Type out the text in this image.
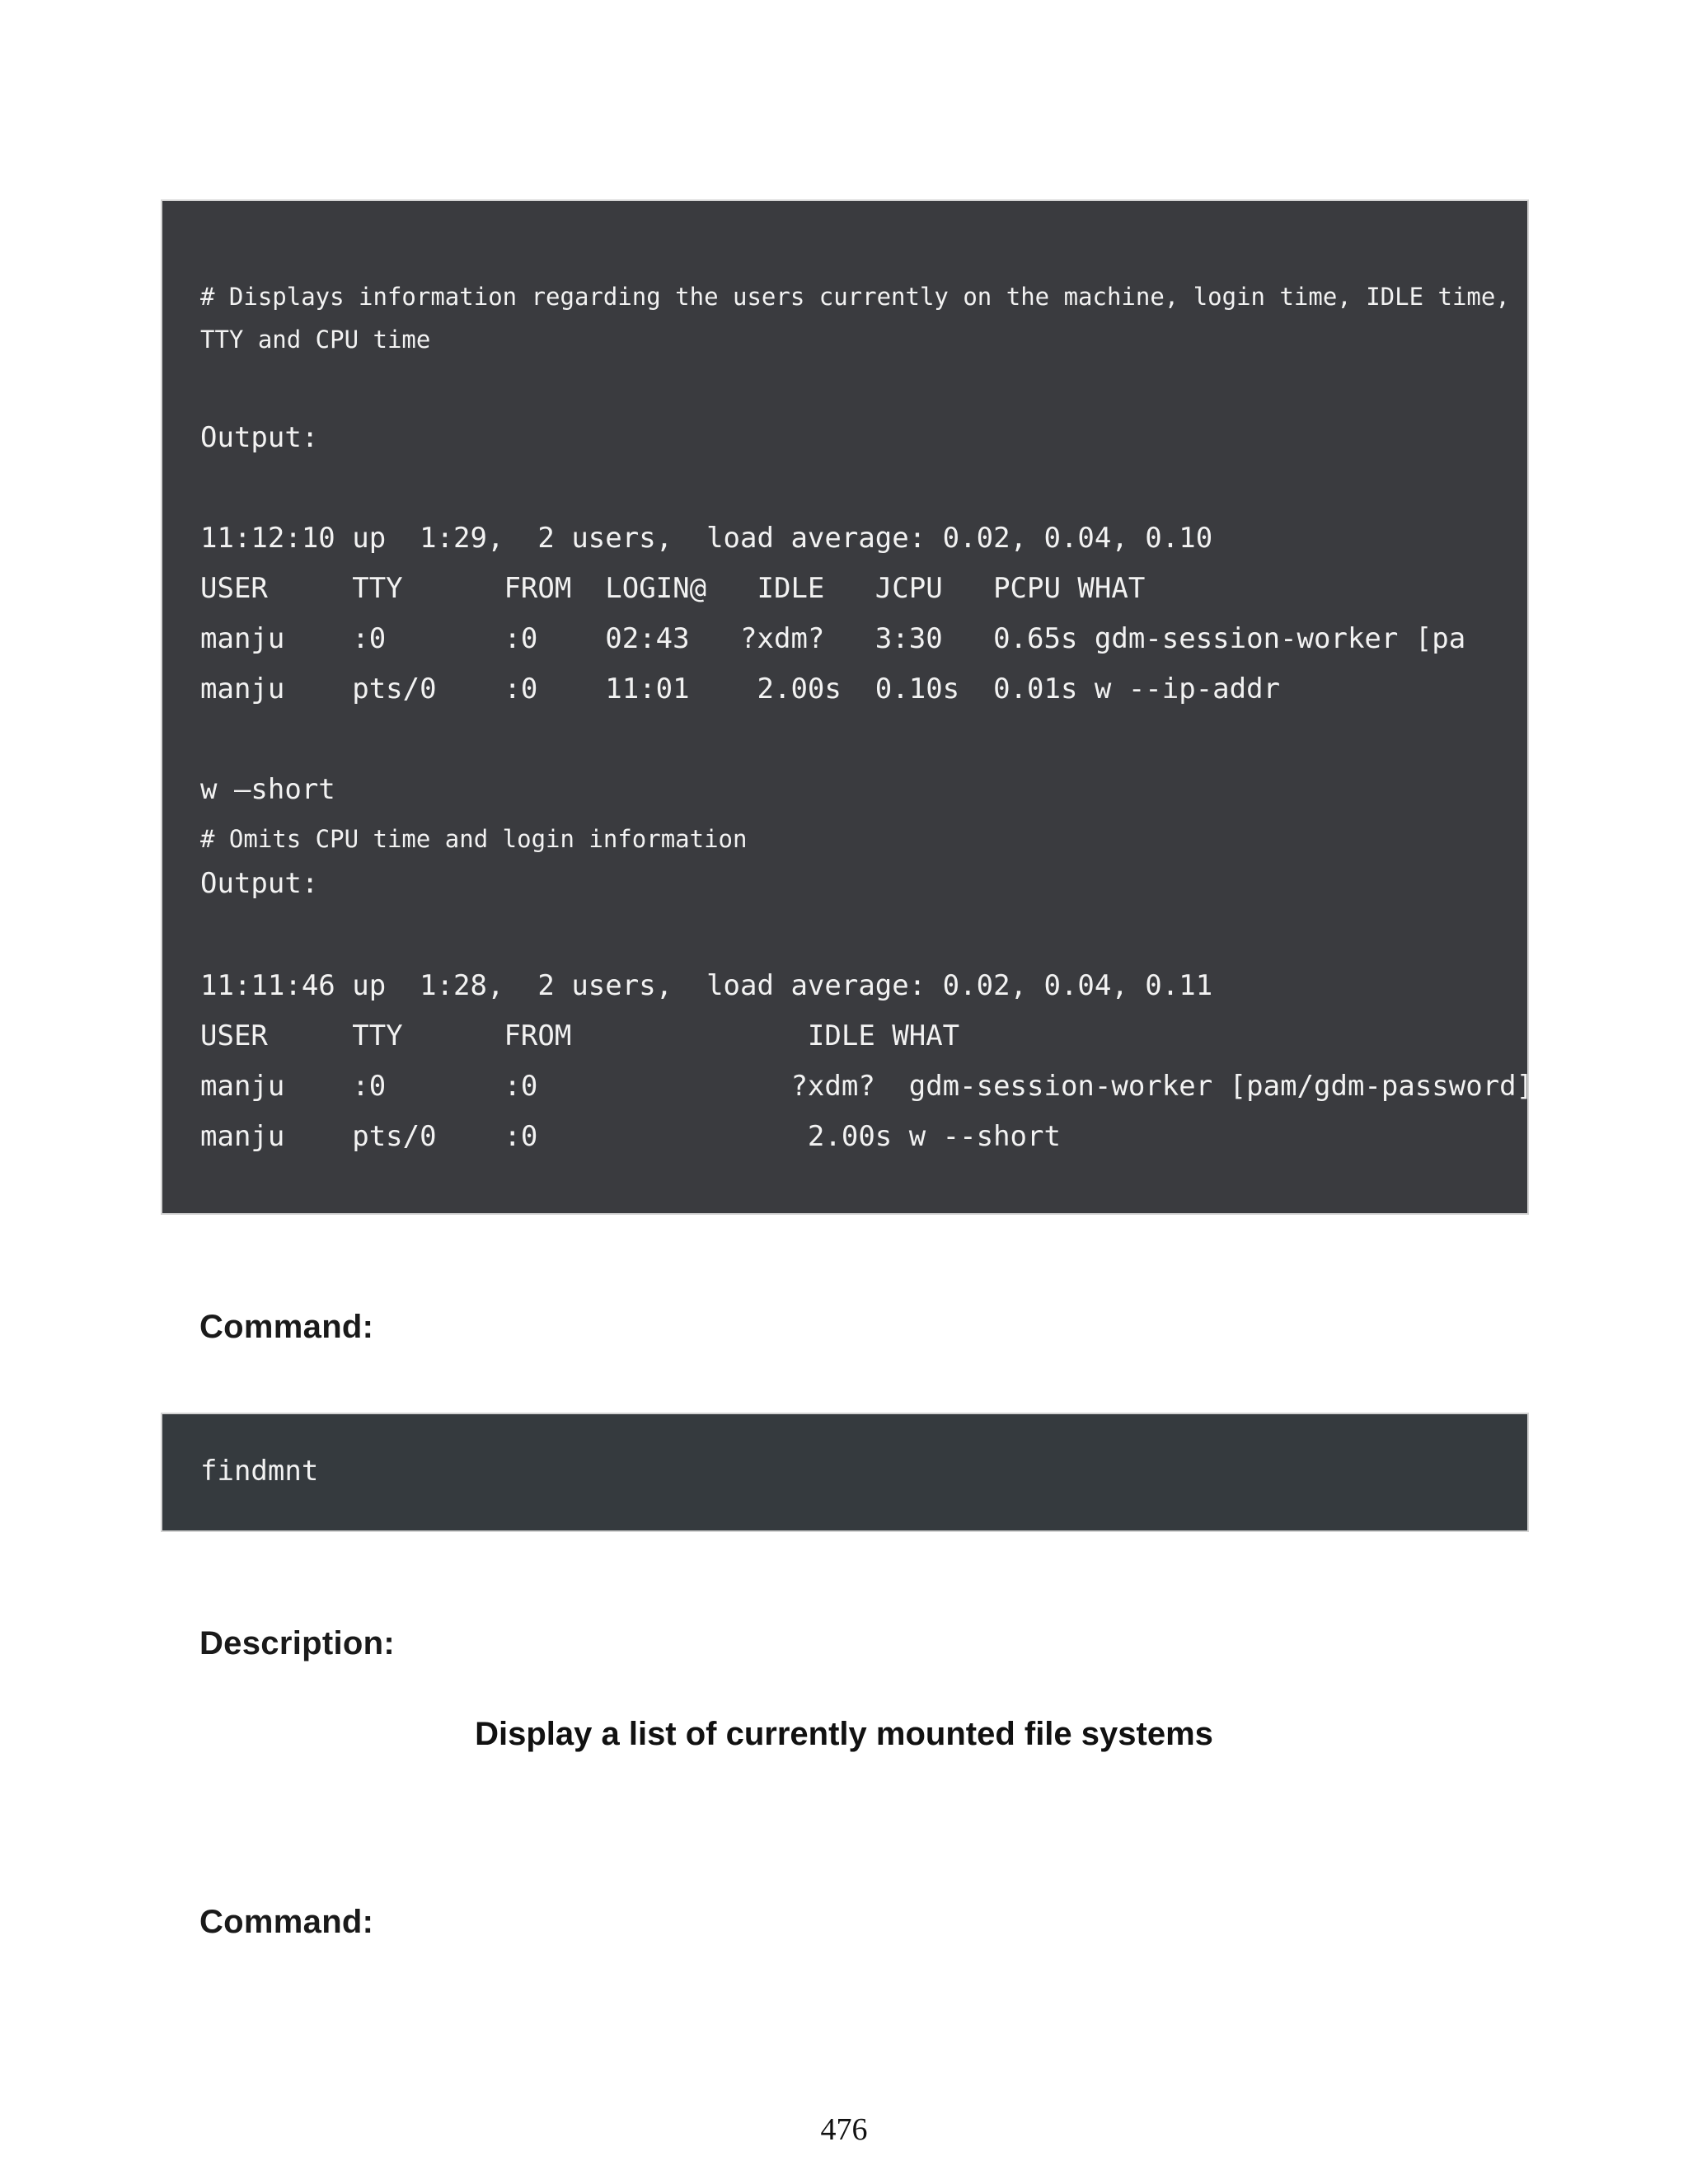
# Displays information regarding the users currently on the machine, login time, IDLE time,
TTY and CPU time
Output:
11:12:10 up  1:29,  2 users,  load average: 0.02, 0.04, 0.10
USER     TTY      FROM  LOGIN@   IDLE   JCPU   PCPU WHAT
manju    :0       :0    02:43   ?xdm?   3:30   0.65s gdm-session-worker [pa
manju    pts/0    :0    11:01    2.00s  0.10s  0.01s w --ip-addr
w –short
# Omits CPU time and login information
Output:
11:11:46 up  1:28,  2 users,  load average: 0.02, 0.04, 0.11
USER     TTY      FROM              IDLE WHAT
manju    :0       :0               ?xdm?  gdm-session-worker [pam/gdm-password]
manju    pts/0    :0                2.00s w --short
Command:
findmnt
Description:

Display a list of currently mounted file systems

Command:
476
